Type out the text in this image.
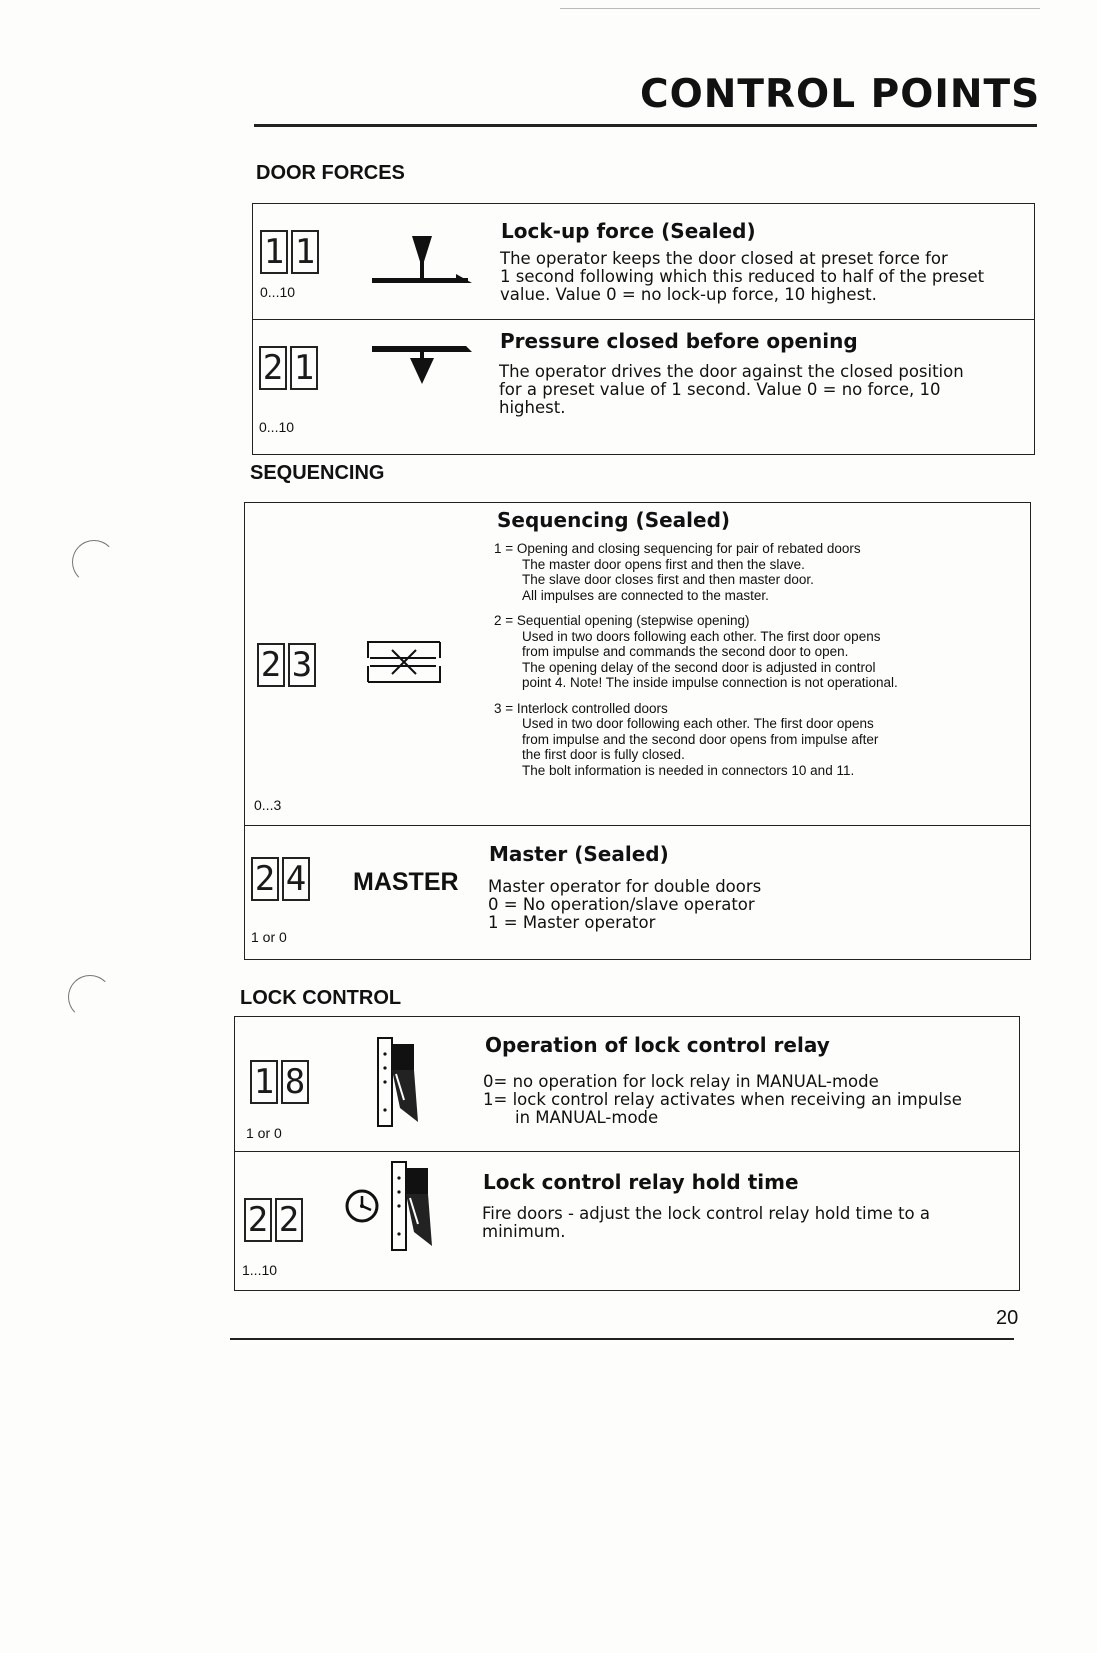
CONTROL POINTS
DOOR FORCES
1 1
0...10
Lock-up force (Sealed)
The operator keeps the door closed at preset force for
1 second following which this reduced to half of the preset
value. Value 0 = no lock-up force, 10 highest.
2 1
0...10
Pressure closed before opening
The operator drives the door against the closed position
for a preset value of 1 second. Value 0 = no force, 10
highest.
SEQUENCING
2 3
0...3
Sequencing (Sealed)

1 = Opening and closing sequencing for pair of rebated doors

The master door opens first and then the slave.

The slave door closes first and then master door.

All impulses are connected to the master.

2 = Sequential opening (stepwise opening)

Used in two doors following each other. The first door opens

from impulse and commands the second door to open.

The opening delay of the second door is adjusted in control

point 4. Note! The inside impulse connection is not operational.

3 = Interlock controlled doors

Used in two door following each other. The first door opens

from impulse and the second door opens from impulse after

the first door is fully closed.

The bolt information is needed in connectors 10 and 11.

2 4
1 or 0
MASTER
Master (Sealed)
Master operator for double doors
0 = No operation/slave operator
1 = Master operator
LOCK CONTROL
1 8
1 or 0
Operation of lock control relay
0= no operation for lock relay in MANUAL-mode
1= lock control relay activates when receiving an impulse
in MANUAL-mode
2 2
1...10
Lock control relay hold time
Fire doors - adjust the lock control relay hold time to a
minimum.
20
